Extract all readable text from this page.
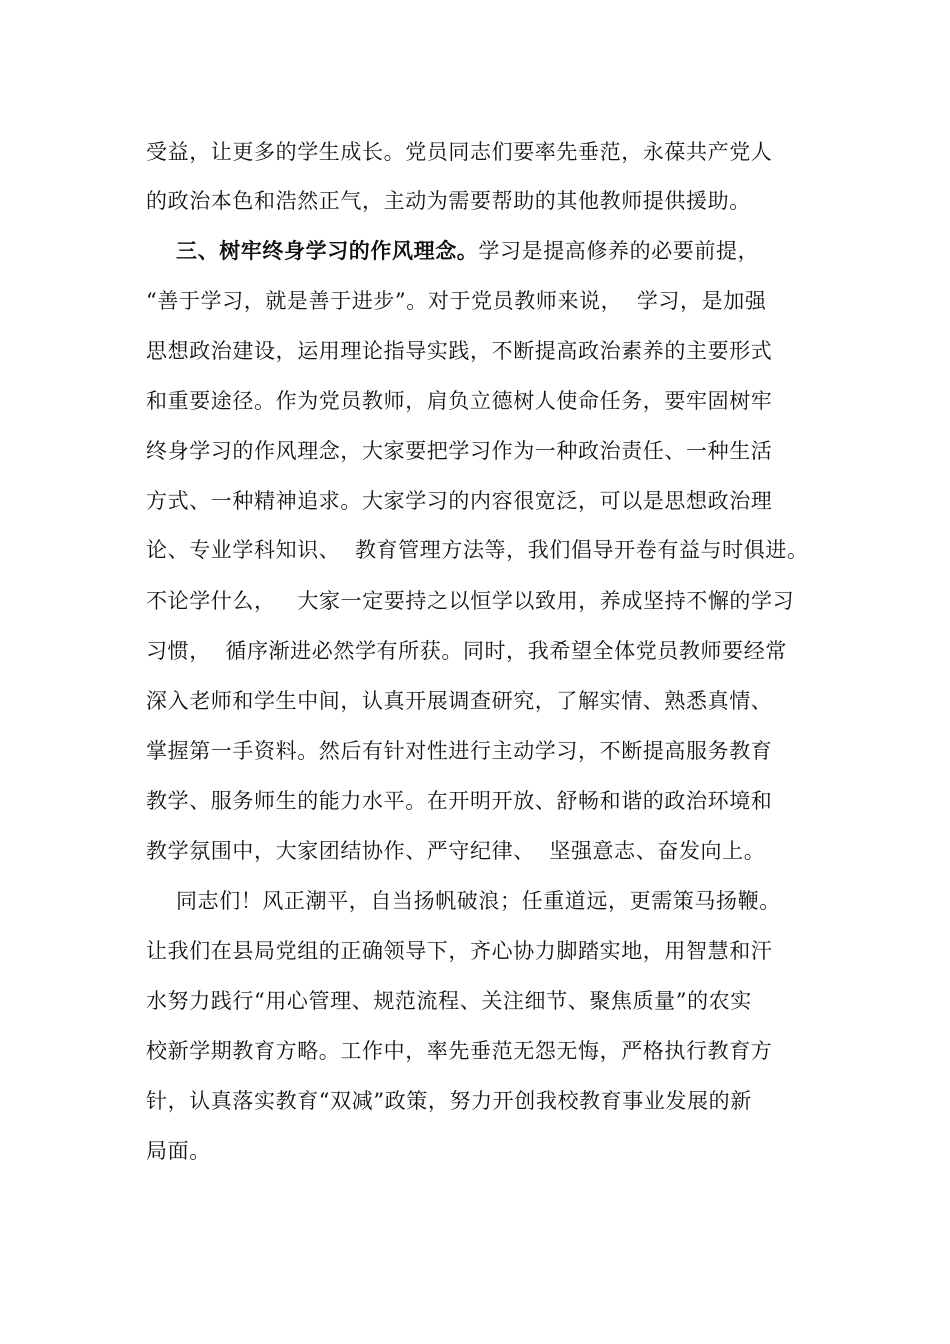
受益，让更多的学生成长。党员同志们要率先垂范，永葆共产党人
的政治本色和浩然正气，主动为需要帮助的其他教师提供援助。
三、树牢终身学习的作风理念。学习是提高修养的必要前提，
“善于学习，就是善于进步”。对于党员教师来说，  学习，是加强
思想政治建设，运用理论指导实践，不断提高政治素养的主要形式
和重要途径。作为党员教师，肩负立德树人使命任务，要牢固树牢
终身学习的作风理念，大家要把学习作为一种政治责任、一种生活
方式、一种精神追求。大家学习的内容很宽泛，可以是思想政治理
论、专业学科知识、  教育管理方法等，我们倡导开卷有益与时俱进。
不论学什么，   大家一定要持之以恒学以致用，养成坚持不懈的学习
习惯，  循序渐进必然学有所获。同时，我希望全体党员教师要经常
深入老师和学生中间，认真开展调查研究，了解实情、熟悉真情、
掌握第一手资料。然后有针对性进行主动学习，不断提高服务教育
教学、服务师生的能力水平。在开明开放、舒畅和谐的政治环境和
教学氛围中，大家团结协作、严守纪律、  坚强意志、奋发向上。
同志们！风正潮平，自当扬帆破浪；任重道远，更需策马扬鞭。
让我们在县局党组的正确领导下，齐心协力脚踏实地，用智慧和汗
水努力践行“用心管理、规范流程、关注细节、聚焦质量”的农实
校新学期教育方略。工作中，率先垂范无怨无悔，严格执行教育方
针，认真落实教育“双减”政策，努力开创我校教育事业发展的新
局面。
